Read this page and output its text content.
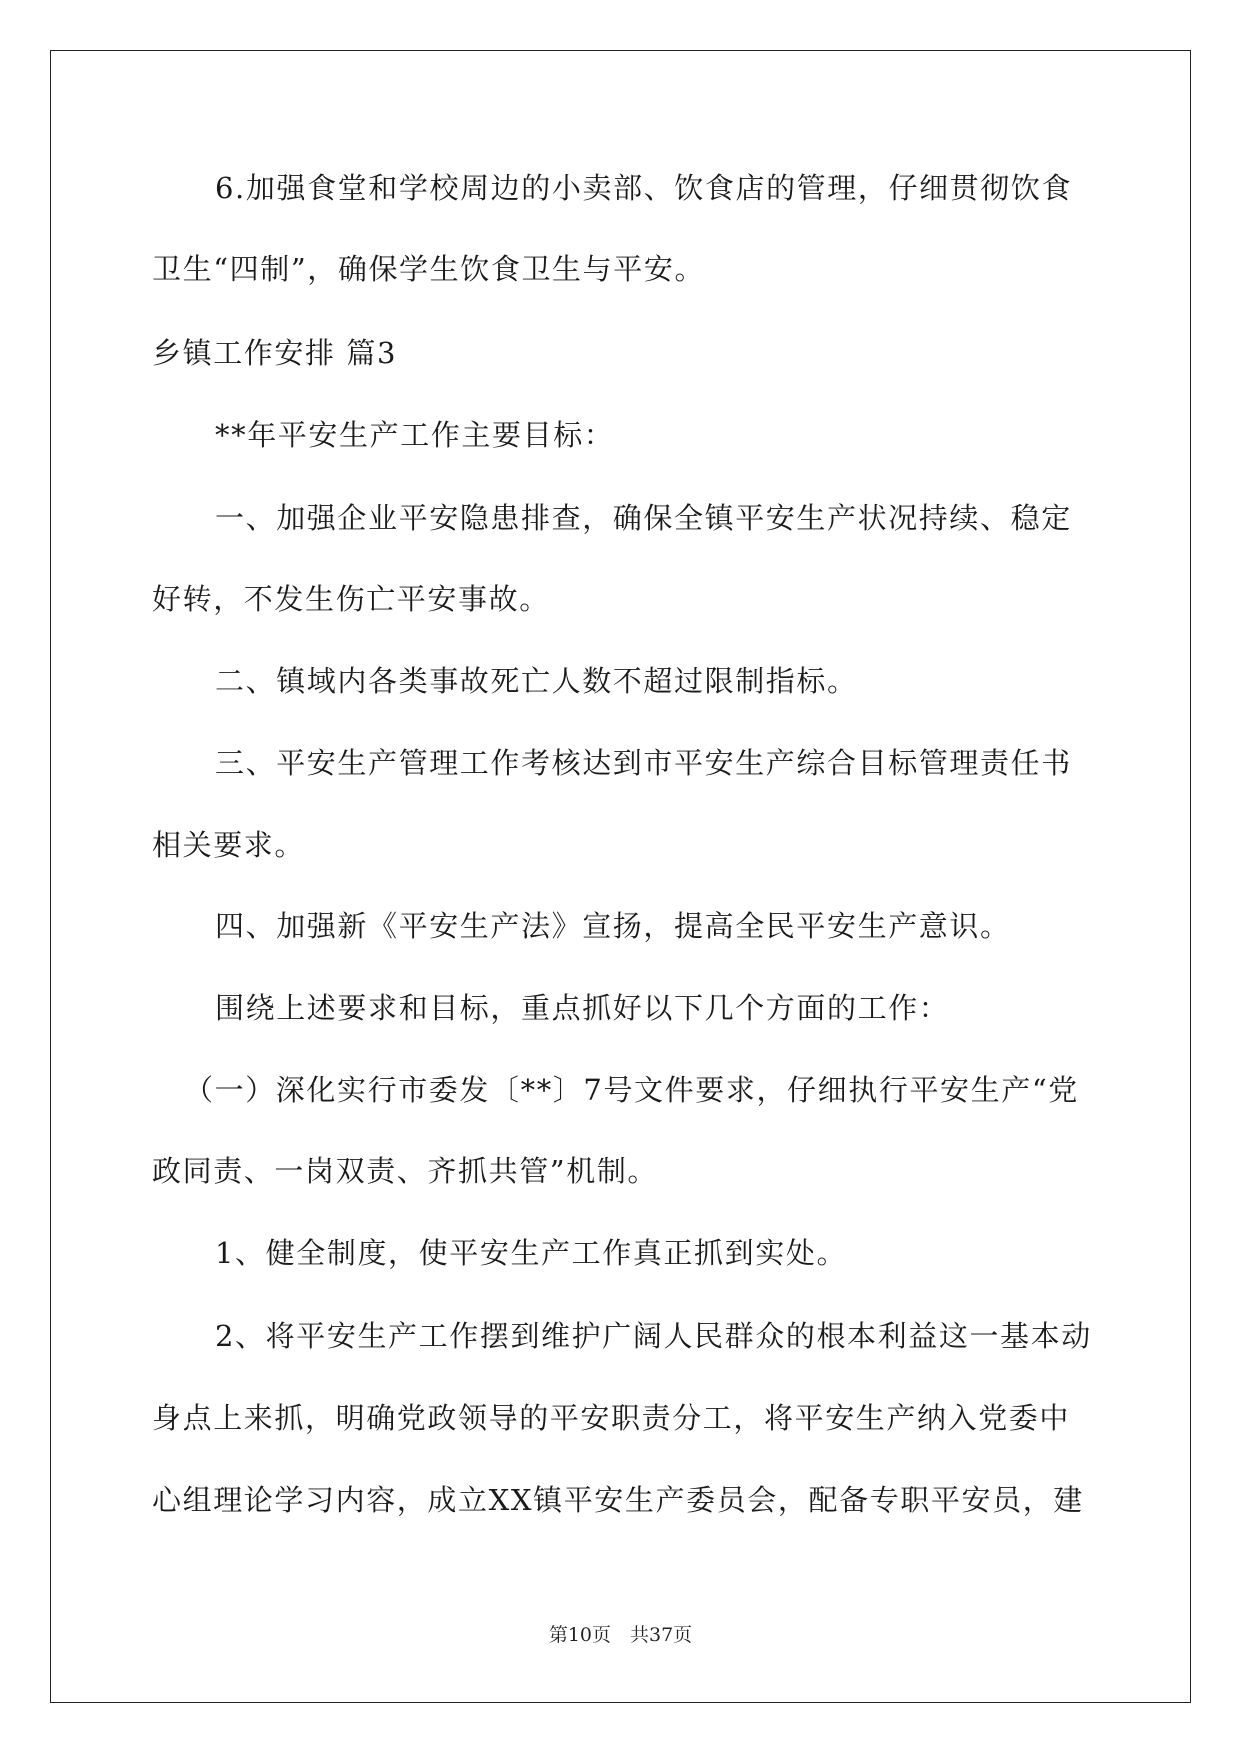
6.加强食堂和学校周边的小卖部、饮食店的管理，仔细贯彻饮食
卫生“四制”，确保学生饮食卫生与平安。
乡镇工作安排 篇3
**年平安生产工作主要目标：
一、加强企业平安隐患排查，确保全镇平安生产状况持续、稳定
好转，不发生伤亡平安事故。
二、镇域内各类事故死亡人数不超过限制指标。
三、平安生产管理工作考核达到市平安生产综合目标管理责任书
相关要求。
四、加强新《平安生产法》宣扬，提高全民平安生产意识。
围绕上述要求和目标，重点抓好以下几个方面的工作：
（一）深化实行市委发〔**〕7号文件要求，仔细执行平安生产“党
政同责、一岗双责、齐抓共管”机制。
1、健全制度，使平安生产工作真正抓到实处。
2、将平安生产工作摆到维护广阔人民群众的根本利益这一基本动
身点上来抓，明确党政领导的平安职责分工，将平安生产纳入党委中
心组理论学习内容，成立XX镇平安生产委员会，配备专职平安员，建
第10页　共37页
